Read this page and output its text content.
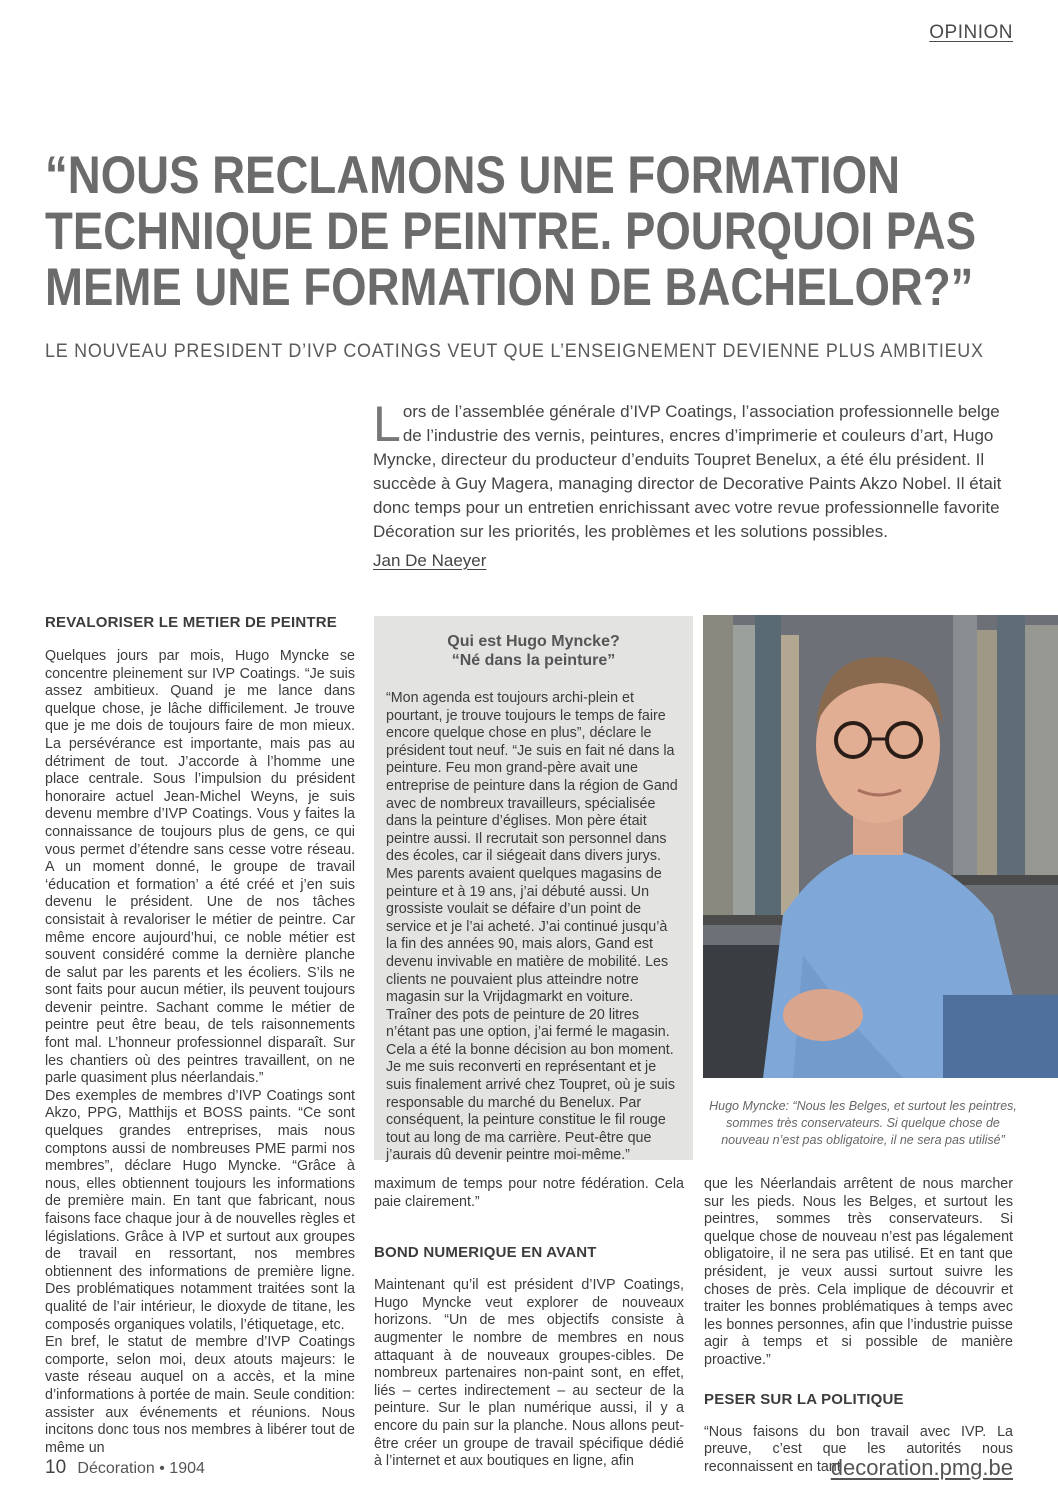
OPINION
“NOUS RECLAMONS UNE FORMATION
TECHNIQUE DE PEINTRE. POURQUOI PAS
MEME UNE FORMATION DE BACHELOR?”
LE NOUVEAU PRESIDENT D’IVP COATINGS VEUT QUE L’ENSEIGNEMENT DEVIENNE PLUS AMBITIEUX
L ors de l’assemblée générale d’IVP Coatings, l’association professionnelle belge de l’industrie des vernis, peintures, encres d’imprimerie et couleurs d’art, Hugo Myncke, directeur du producteur d’enduits Toupret Benelux, a été élu président. Il succède à Guy Magera, managing director de Decorative Paints Akzo Nobel. Il était donc temps pour un entretien enrichissant avec votre revue professionnelle favorite Décoration sur les priorités, les problèmes et les solutions possibles.
Jan De Naeyer
REVALORISER LE METIER DE PEINTRE

Quelques jours par mois, Hugo Myncke se concentre pleinement sur IVP Coatings. “Je suis assez ambitieux. Quand je me lance dans quelque chose, je lâche difficilement. Je trouve que je me dois de toujours faire de mon mieux. La persévérance est importante, mais pas au détriment de tout. J’accorde à l’homme une place centrale. Sous l’impulsion du président honoraire actuel Jean-Michel Weyns, je suis devenu membre d’IVP Coatings. Vous y faites la connaissance de toujours plus de gens, ce qui vous permet d’étendre sans cesse votre réseau. A un moment donné, le groupe de travail ‘éducation et formation’ a été créé et j’en suis devenu le président. Une de nos tâches consistait à revaloriser le métier de peintre. Car même encore aujourd’hui, ce noble métier est souvent considéré comme la dernière planche de salut par les parents et les écoliers. S’ils ne sont faits pour aucun métier, ils peuvent toujours devenir peintre. Sachant comme le métier de peintre peut être beau, de tels raisonnements font mal. L’honneur professionnel disparaît. Sur les chantiers où des peintres travaillent, on ne parle quasiment plus néerlandais.”

Des exemples de membres d’IVP Coatings sont Akzo, PPG, Matthijs et BOSS paints. “Ce sont quelques grandes entreprises, mais nous comptons aussi de nombreuses PME parmi nos membres”, déclare Hugo Myncke. “Grâce à nous, elles obtiennent toujours les informations de première main. En tant que fabricant, nous faisons face chaque jour à de nouvelles règles et législations. Grâce à IVP et surtout aux groupes de travail en ressortant, nos membres obtiennent des informations de première ligne. Des problématiques notamment traitées sont la qualité de l’air intérieur, le dioxyde de titane, les composés organiques volatils, l’étiquetage, etc.

En bref, le statut de membre d’IVP Coatings comporte, selon moi, deux atouts majeurs: le vaste réseau auquel on a accès, et la mine d’informations à portée de main. Seule condition: assister aux événements et réunions. Nous incitons donc tous nos membres à libérer tout de même un

Qui est Hugo Myncke?
“Né dans la peinture”
“Mon agenda est toujours archi-plein et pourtant, je trouve toujours le temps de faire encore quelque chose en plus”, déclare le président tout neuf. “Je suis en fait né dans la peinture. Feu mon grand-père avait une entreprise de peinture dans la région de Gand avec de nombreux travailleurs, spécialisée dans la peinture d’églises. Mon père était peintre aussi. Il recrutait son personnel dans des écoles, car il siégeait dans divers jurys. Mes parents avaient quelques magasins de peinture et à 19 ans, j’ai débuté aussi. Un grossiste voulait se défaire d’un point de service et je l’ai acheté. J’ai continué jusqu’à la fin des années 90, mais alors, Gand est devenu invivable en matière de mobilité. Les clients ne pouvaient plus atteindre notre magasin sur la Vrijdagmarkt en voiture. Traîner des pots de peinture de 20 litres n’étant pas une option, j’ai fermé le magasin. Cela a été la bonne décision au bon moment. Je me suis reconverti en représentant et je suis finalement arrivé chez Toupret, où je suis responsable du marché du Benelux. Par conséquent, la peinture constitue le fil rouge tout au long de ma carrière. Peut-être que j’aurais dû devenir peintre moi-même.”
Hugo Myncke: “Nous les Belges, et surtout les peintres, sommes très conservateurs. Si quelque chose de nouveau n’est pas obligatoire, il ne sera pas utilisé”

maximum de temps pour notre fédération. Cela paie clairement.”

BOND NUMERIQUE EN AVANT

Maintenant qu’il est président d’IVP Coatings, Hugo Myncke veut explorer de nouveaux horizons. “Un de mes objectifs consiste à augmenter le nombre de membres en nous attaquant à de nouveaux groupes-cibles. De nombreux partenaires non-paint sont, en effet, liés – certes indirectement – au secteur de la peinture. Sur le plan numérique aussi, il y a encore du pain sur la planche. Nous allons peut-être créer un groupe de travail spécifique dédié à l’internet et aux boutiques en ligne, afin

que les Néerlandais arrêtent de nous marcher sur les pieds. Nous les Belges, et surtout les peintres, sommes très conservateurs. Si quelque chose de nouveau n’est pas légalement obligatoire, il ne sera pas utilisé. Et en tant que président, je veux aussi surtout suivre les choses de près. Cela implique de découvrir et traiter les bonnes problématiques à temps avec les bonnes personnes, afin que l’industrie puisse agir à temps et si possible de manière proactive.”

PESER SUR LA POLITIQUE

“Nous faisons du bon travail avec IVP. La preuve, c’est que les autorités nous reconnaissent en tant

10 Décoration • 1904	decoration.pmg.be
